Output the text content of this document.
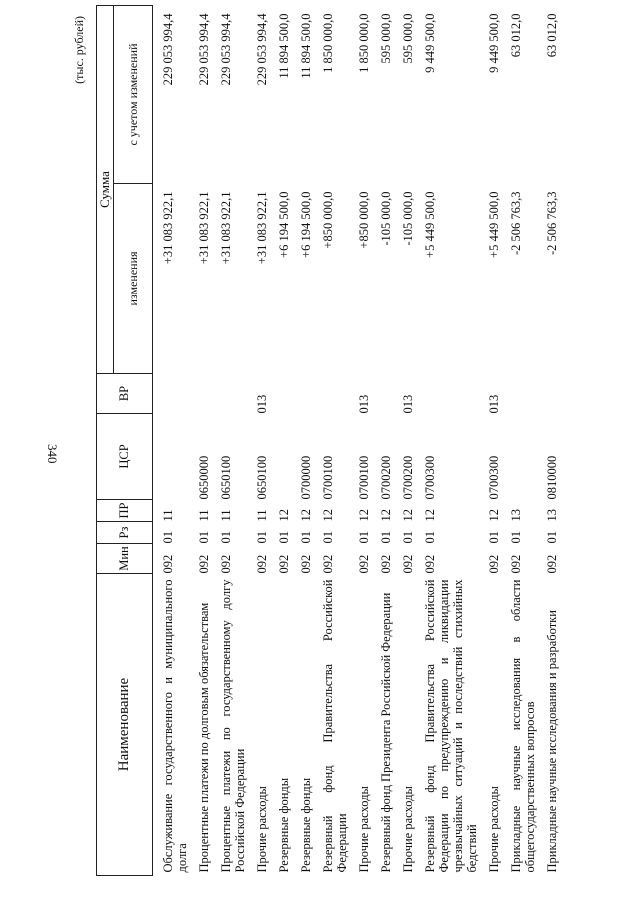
340
(тыс. рублей)
Наименование	Мин	Рз	ПР	ЦСР	ВР	Сумма	
						изменения	с учетом изменений
Обслуживание государственного и муниципального долга	092	01	11			+31 083 922,1	229 053 994,4
Процентные платежи по долговым обязательствам	092	01	11	0650000		+31 083 922,1	229 053 994,4
Процентные платежи по государственному долгу Российской Федерации	092	01	11	0650100		+31 083 922,1	229 053 994,4
Прочие расходы	092	01	11	0650100	013	+31 083 922,1	229 053 994,4
Резервные фонды	092	01	12			+6 194 500,0	11 894 500,0
Резервные фонды	092	01	12	0700000		+6 194 500,0	11 894 500,0
Резервный фонд Правительства Российской Федерации	092	01	12	0700100		+850 000,0	1 850 000,0
Прочие расходы	092	01	12	0700100	013	+850 000,0	1 850 000,0
Резервный фонд Президента Российской Федерации	092	01	12	0700200		-105 000,0	595 000,0
Прочие расходы	092	01	12	0700200	013	-105 000,0	595 000,0
Резервный фонд Правительства Российской Федерации по предупреждению и ликвидации чрезвычайных ситуаций и последствий стихийных бедствий	092	01	12	0700300		+5 449 500,0	9 449 500,0
Прочие расходы	092	01	12	0700300	013	+5 449 500,0	9 449 500,0
Прикладные научные исследования в области общегосударственных вопросов	092	01	13			-2 506 763,3	63 012,0
Прикладные научные исследования и разработки	092	01	13	0810000		-2 506 763,3	63 012,0
